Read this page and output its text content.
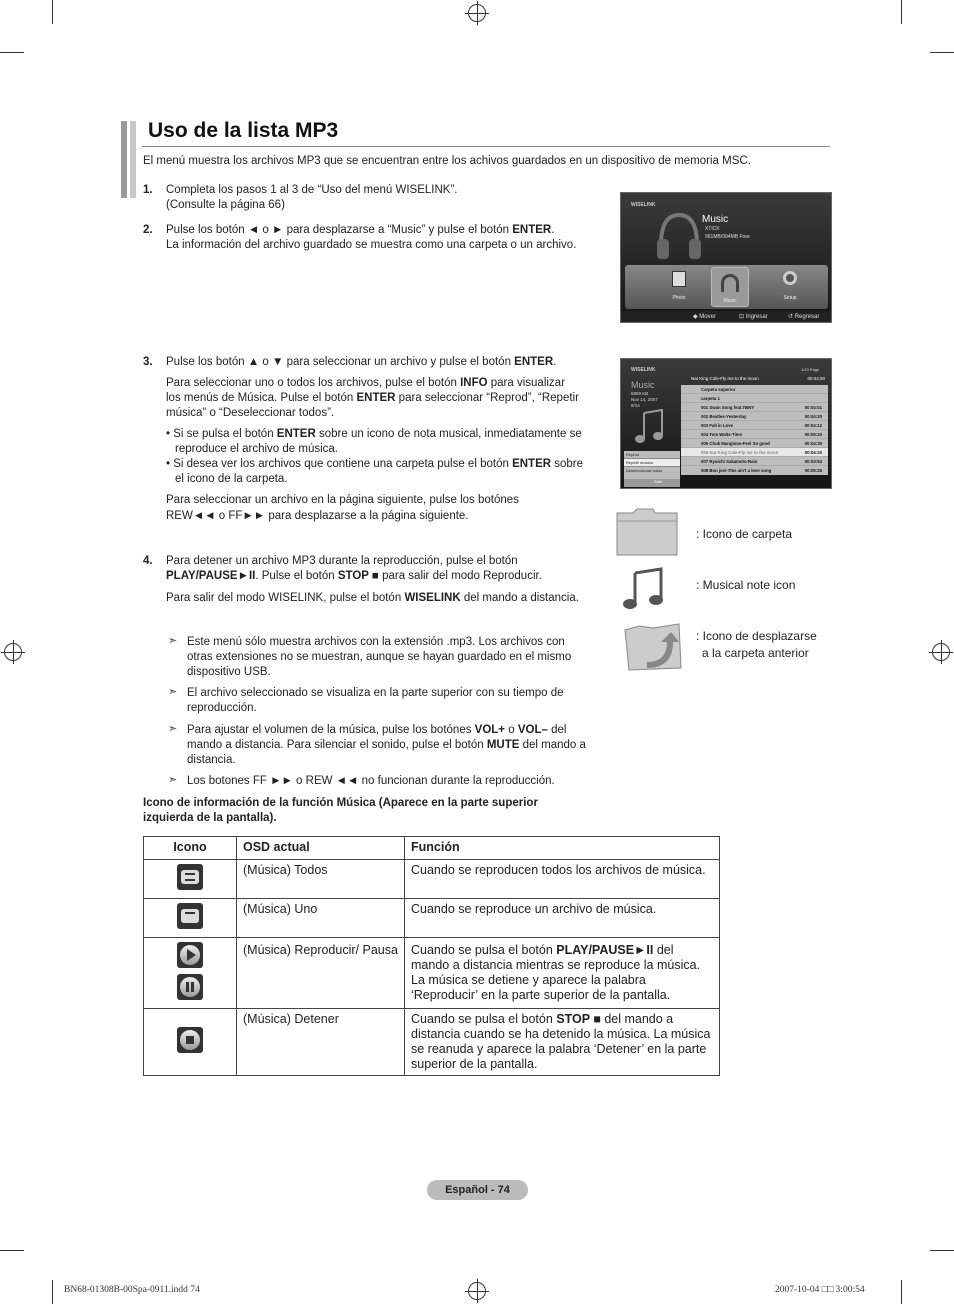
Uso de la lista MP3
El menú muestra los archivos MP3 que se encuentran entre los achivos guardados en un dispositivo de memoria MSC.
1. Completa los pasos 1 al 3 de “Uso del menú WISELINK”.
(Consulte la página 66)
2. Pulse los botón ◄ o ► para desplazarse a “Music” y pulse el botón ENTER.
La información del archivo guardado se muestra como una carpeta o un archivo.
WISELINK
Music
XTICK
961MB/994MB Free
Photo	Music	Setup
◆ Mover	⊡ Ingresar	↺ Regresar
3. Pulse los botón ▲ o ▼ para seleccionar un archivo y pulse el botón ENTER.
Para seleccionar uno o todos los archivos, pulse el botón INFO para visualizar
los menús de Música. Pulse el botón ENTER para seleccionar “Reprod”, “Repetir
música” o “Deseleccionar todos”.
• Si se pulsa el botón ENTER sobre un icono de nota musical, inmediatamente se
reproduce el archivo de música.
• Si desea ver los archivos que contiene una carpeta pulse el botón ENTER sobre
el icono de la carpeta.
Para seleccionar un archivo en la página siguiente, pulse los botónes
REW◄◄ o FF►► para desplazarse a la página siguiente.
WISELINK
Music
5859 KB
Nov 14, 2007
8/14
Reprod
Repetir música
Deseleccionar todos
Salir
1/10 Page
Nat King Cole-Fly me to the moon	00:04:00
Carpeta superior
carpeta 1
001 Swan Song feat.TBNY	00:04:01
002 Beatles-Yesterday	00:04:20
003 Fall in Love	00:04:12
004 Tom Waits-Time	00:05:20
005 Chuk Mangione-Feel So good	00:04:30
006 Nat King Cole-Fly me to the moon	00:04:20
007 Ryuichi Sakamoto-Rain	00:03:54
008 Bon jovi-This ain't a love song	00:05:25
: Icono de carpeta
: Musical note icon
: Icono de desplazarse
a la carpeta anterior
4. Para detener un archivo MP3 durante la reproducción, pulse el botón
PLAY/PAUSE►II. Pulse el botón STOP ■ para salir del modo Reproducir.
Para salir del modo WISELINK, pulse el botón WISELINK del mando a distancia.
➣ Este menú sólo muestra archivos con la extensión .mp3. Los archivos con
otras extensiones no se muestran, aunque se hayan guardado en el mismo
dispositivo USB.
➣ El archivo seleccionado se visualiza en la parte superior con su tiempo de
reproducción.
➣ Para ajustar el volumen de la música, pulse los botónes VOL+ o VOL– del
mando a distancia. Para silenciar el sonido, pulse el botón MUTE del mando a
distancia.
➣ Los botones FF ►► o REW ◄◄ no funcionan durante la reproducción.
Icono de información de la función Música (Aparece en la parte superior
izquierda de la pantalla).
Icono	OSD actual	Función

	(Música) Todos	Cuando se reproducen todos los archivos de música.

	(Música) Uno	Cuando se reproduce un archivo de música.

	(Música) Reproducir/ Pausa	Cuando se pulsa el botón PLAY/PAUSE►II del mando a distancia mientras se reproduce la música. La música se detiene y aparece la palabra ‘Reproducir’ en la parte superior de la pantalla.

	(Música) Detener	Cuando se pulsa el botón STOP ■ del mando a distancia cuando se ha detenido la música. La música se reanuda y aparece la palabra ‘Detener’ en la parte superior de la pantalla.
Español - 74
BN68-01308B-00Spa-0911.indd 74	2007-10-04 □□ 3:00:54
